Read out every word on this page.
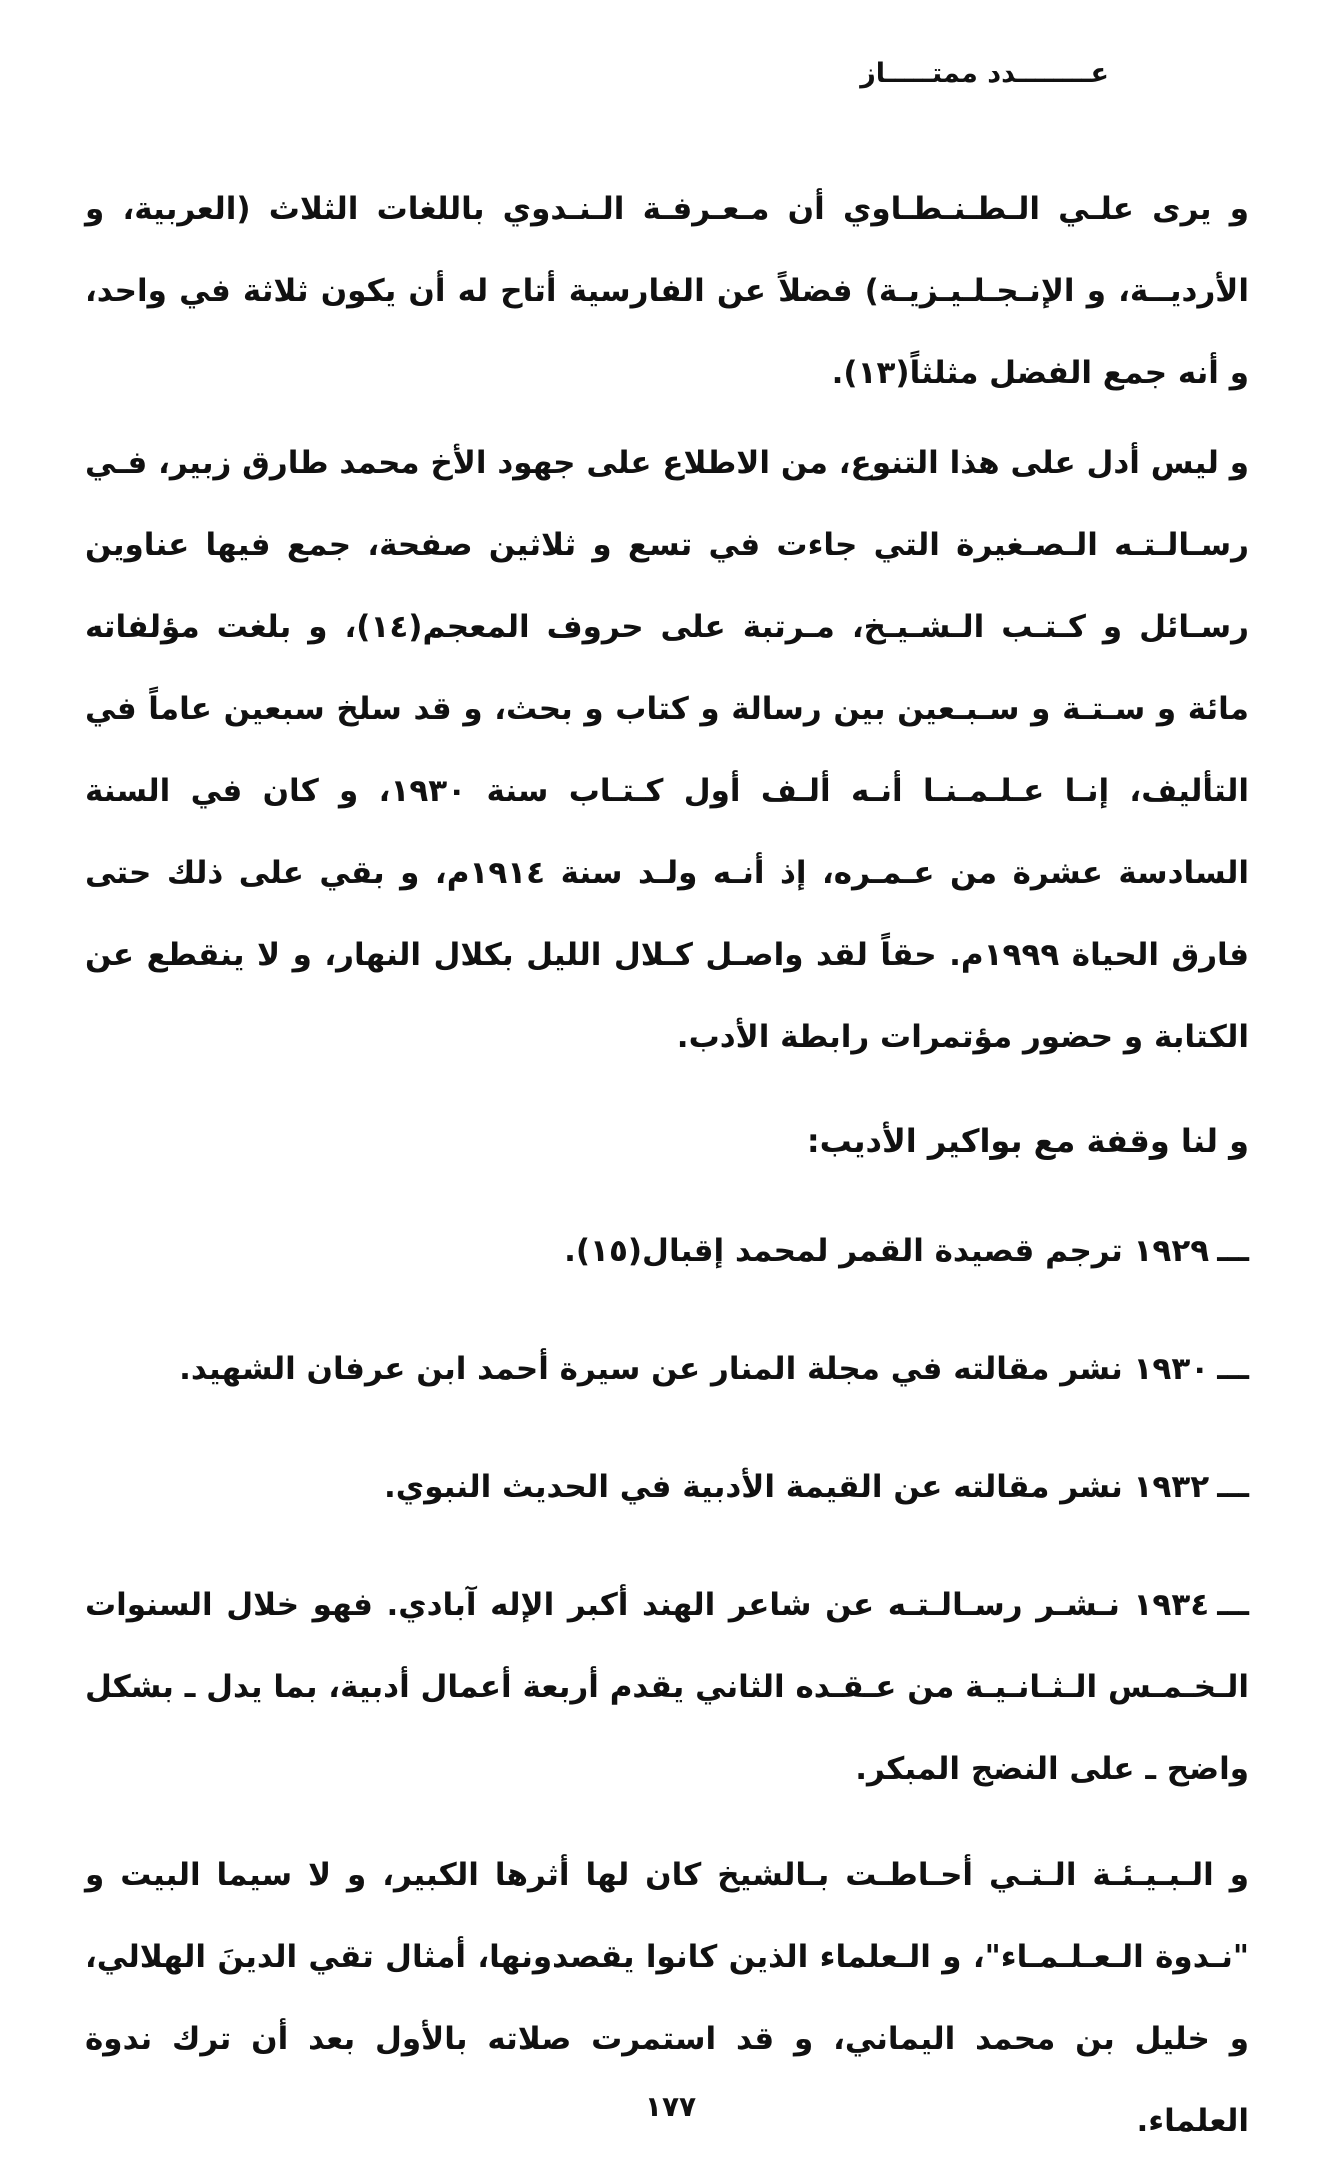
عــــــــدد ممتـــــاز

و يرى علـي الـطـنـطـاوي أن مـعـرفـة الـنـدوي باللغات الثلاث (العربية، و الأرديــة، و الإنـجـلـيـزيـة) فضلاً عن الفارسية أتاح له أن يكون ثلاثة في واحد، و أنه جمع الفضل مثلثاً(١٣).

و ليس أدل على هذا التنوع، من الاطلاع على جهود الأخ محمد طارق زبير، فـي رسـالـتـه الـصـغيرة التي جاءت في تسع و ثلاثين صفحة، جمع فيها عناوين رسـائل و كـتـب الـشـيـخ، مـرتبة على حروف المعجم(١٤)، و بلغت مؤلفاته مائة و سـتـة و سـبـعين بين رسالة و كتاب و بحث، و قد سلخ سبعين عاماً في التأليف، إنـا عـلـمـنـا أنـه ألـف أول كـتـاب سنة ١٩٣٠، و كان في السنة السادسة عشرة من عـمـره، إذ أنـه ولـد سنة ١٩١٤م، و بقي على ذلك حتى فارق الحياة ١٩٩٩م. حقاً لقد واصـل كـلال الليل بكلال النهار، و لا ينقطع عن الكتابة و حضور مؤتمرات رابطة الأدب.

و لنا وقفة مع بواكير الأديب:

ـــ١٩٢٩ ترجم قصيدة القمر لمحمد إقبال(١٥).
ـــ١٩٣٠ نشر مقالته في مجلة المنار عن سيرة أحمد ابن عرفان الشهيد.
ـــ١٩٣٢ نشر مقالته عن القيمة الأدبية في الحديث النبوي.
ـــ١٩٣٤ نـشـر رسـالـتـه عن شاعر الهند أكبر الإله آبادي. فهو خلال السنوات الـخـمـس الـثـانـيـة من عـقـده الثاني يقدم أربعة أعمال أدبية، بما يدل ـ بشكل واضح ـ على النضج المبكر.

و الـبـيـئـة الـتـي أحـاطـت بـالشيخ كان لها أثرها الكبير، و لا سيما البيت و "نـدوة الـعـلـمـاء"، و الـعلماء الذين كانوا يقصدونها، أمثال تقي الدينَ الهلالي، و خليل بن محمد اليماني، و قد استمرت صلاته بالأول بعد أن ترك ندوة العلماء.

١٧٧
